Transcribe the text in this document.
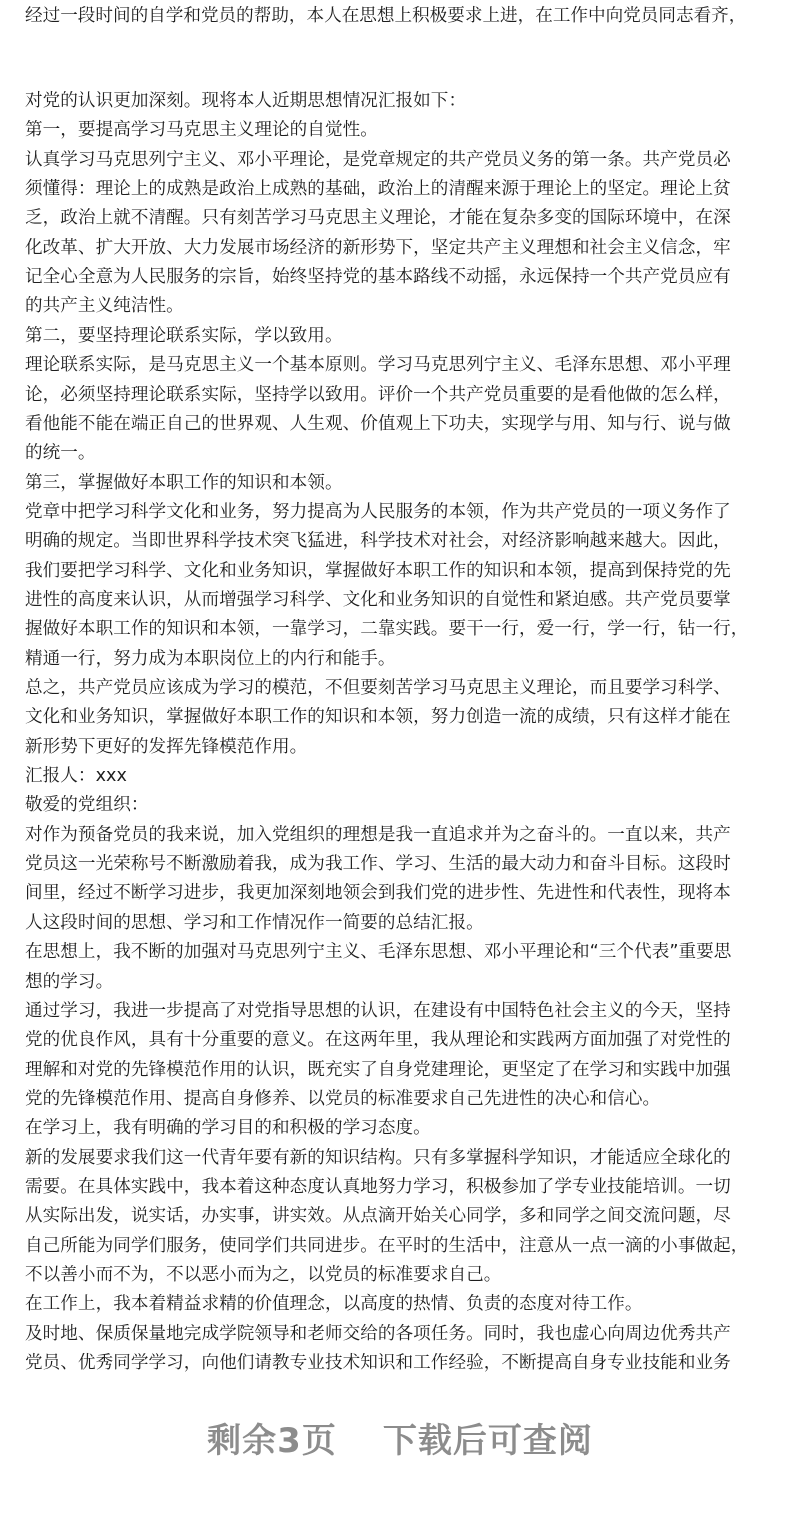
经过一段时间的自学和党员的帮助，本人在思想上积极要求上进，在工作中向党员同志看齐，
对党的认识更加深刻。现将本人近期思想情况汇报如下：
第一，要提高学习马克思主义理论的自觉性。
认真学习马克思列宁主义、邓小平理论，是党章规定的共产党员义务的第一条。共产党员必
须懂得：理论上的成熟是政治上成熟的基础，政治上的清醒来源于理论上的坚定。理论上贫
乏，政治上就不清醒。只有刻苦学习马克思主义理论，才能在复杂多变的国际环境中，在深
化改革、扩大开放、大力发展市场经济的新形势下，坚定共产主义理想和社会主义信念，牢
记全心全意为人民服务的宗旨，始终坚持党的基本路线不动摇，永远保持一个共产党员应有
的共产主义纯洁性。
第二，要坚持理论联系实际，学以致用。
理论联系实际，是马克思主义一个基本原则。学习马克思列宁主义、毛泽东思想、邓小平理
论，必须坚持理论联系实际，坚持学以致用。评价一个共产党员重要的是看他做的怎么样，
看他能不能在端正自己的世界观、人生观、价值观上下功夫，实现学与用、知与行、说与做
的统一。
第三，掌握做好本职工作的知识和本领。
党章中把学习科学文化和业务，努力提高为人民服务的本领，作为共产党员的一项义务作了
明确的规定。当即世界科学技术突飞猛进，科学技术对社会，对经济影响越来越大。因此，
我们要把学习科学、文化和业务知识，掌握做好本职工作的知识和本领，提高到保持党的先
进性的高度来认识，从而增强学习科学、文化和业务知识的自觉性和紧迫感。共产党员要掌
握做好本职工作的知识和本领，一靠学习，二靠实践。要干一行，爱一行，学一行，钻一行，
精通一行，努力成为本职岗位上的内行和能手。
总之，共产党员应该成为学习的模范，不但要刻苦学习马克思主义理论，而且要学习科学、
文化和业务知识，掌握做好本职工作的知识和本领，努力创造一流的成绩，只有这样才能在
新形势下更好的发挥先锋模范作用。
汇报人：xxx
敬爱的党组织：
对作为预备党员的我来说，加入党组织的理想是我一直追求并为之奋斗的。一直以来，共产
党员这一光荣称号不断激励着我，成为我工作、学习、生活的最大动力和奋斗目标。这段时
间里，经过不断学习进步，我更加深刻地领会到我们党的进步性、先进性和代表性，现将本
人这段时间的思想、学习和工作情况作一简要的总结汇报。
在思想上，我不断的加强对马克思列宁主义、毛泽东思想、邓小平理论和“三个代表”重要思
想的学习。
通过学习，我进一步提高了对党指导思想的认识，在建设有中国特色社会主义的今天，坚持
党的优良作风，具有十分重要的意义。在这两年里，我从理论和实践两方面加强了对党性的
理解和对党的先锋模范作用的认识，既充实了自身党建理论，更坚定了在学习和实践中加强
党的先锋模范作用、提高自身修养、以党员的标准要求自己先进性的决心和信心。
在学习上，我有明确的学习目的和积极的学习态度。
新的发展要求我们这一代青年要有新的知识结构。只有多掌握科学知识，才能适应全球化的
需要。在具体实践中，我本着这种态度认真地努力学习，积极参加了学专业技能培训。一切
从实际出发，说实话，办实事，讲实效。从点滴开始关心同学，多和同学之间交流问题，尽
自己所能为同学们服务，使同学们共同进步。在平时的生活中，注意从一点一滴的小事做起，
不以善小而不为，不以恶小而为之，以党员的标准要求自己。
在工作上，我本着精益求精的价值理念，以高度的热情、负责的态度对待工作。
及时地、保质保量地完成学院领导和老师交给的各项任务。同时，我也虚心向周边优秀共产
党员、优秀同学学习，向他们请教专业技术知识和工作经验，不断提高自身专业技能和业务
剩余3页 下载后可查阅
